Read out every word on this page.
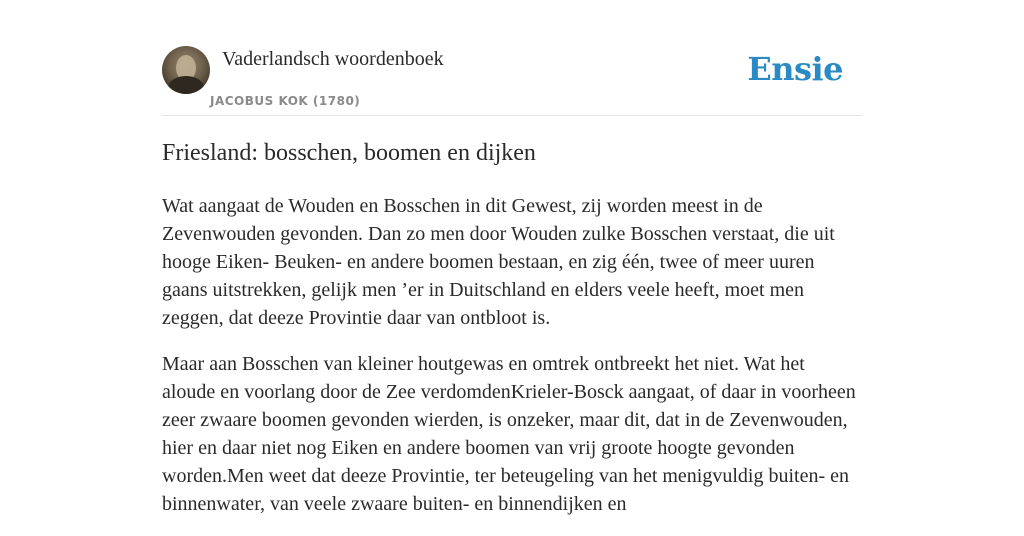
Vaderlandsch woordenboek
JACOBUS KOK (1780)
Ensie
Friesland: bosschen, boomen en dijken

Wat aangaat de Wouden en Bosschen in dit Gewest, zij worden meest in de Zevenwouden gevonden. Dan zo men door Wouden zulke Bosschen verstaat, die uit hooge Eiken- Beuken- en andere boomen bestaan, en zig één, twee of meer uuren gaans uitstrekken, gelijk men ’er in Duitschland en elders veele heeft, moet men zeggen, dat deeze Provintie daar van ontbloot is.

Maar aan Bosschen van kleiner houtgewas en omtrek ontbreekt het niet. Wat het aloude en voorlang door de Zee verdomdenKrieler-Bosck aangaat, of daar in voorheen zeer zwaare boomen gevonden wierden, is onzeker, maar dit, dat in de Zevenwouden, hier en daar niet nog Eiken en andere boomen van vrij groote hoogte gevonden worden.Men weet dat deeze Provintie, ter beteugeling van het menigvuldig buiten- en binnenwater, van veele zwaare buiten- en binnendijken en
